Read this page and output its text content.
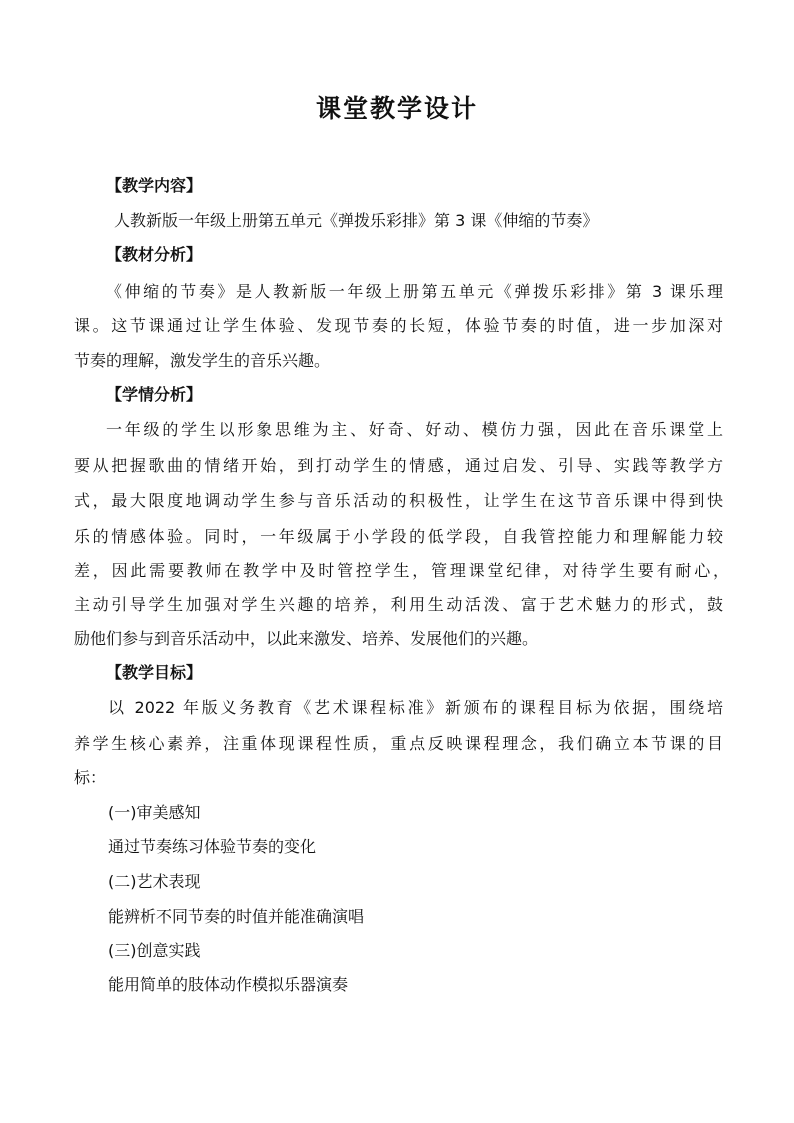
课堂教学设计
【教学内容】
人教新版一年级上册第五单元《弹拨乐彩排》第 3 课《伸缩的节奏》
【教材分析】
《伸缩的节奏》是人教新版一年级上册第五单元《弹拨乐彩排》第 3 课乐理
课。这节课通过让学生体验、发现节奏的长短，体验节奏的时值，进一步加深对
节奏的理解，激发学生的音乐兴趣。
【学情分析】
一年级的学生以形象思维为主、好奇、好动、模仿力强，因此在音乐课堂上
要从把握歌曲的情绪开始，到打动学生的情感，通过启发、引导、实践等教学方
式，最大限度地调动学生参与音乐活动的积极性，让学生在这节音乐课中得到快
乐的情感体验。同时，一年级属于小学段的低学段，自我管控能力和理解能力较
差，因此需要教师在教学中及时管控学生，管理课堂纪律，对待学生要有耐心，
主动引导学生加强对学生兴趣的培养，利用生动活泼、富于艺术魅力的形式，鼓
励他们参与到音乐活动中，以此来激发、培养、发展他们的兴趣。
【教学目标】
以 2022 年版义务教育《艺术课程标准》新颁布的课程目标为依据，围绕培
养学生核心素养，注重体现课程性质，重点反映课程理念，我们确立本节课的目
标：
(一)审美感知
通过节奏练习体验节奏的变化
(二)艺术表现
能辨析不同节奏的时值并能准确演唱
(三)创意实践
能用简单的肢体动作模拟乐器演奏
